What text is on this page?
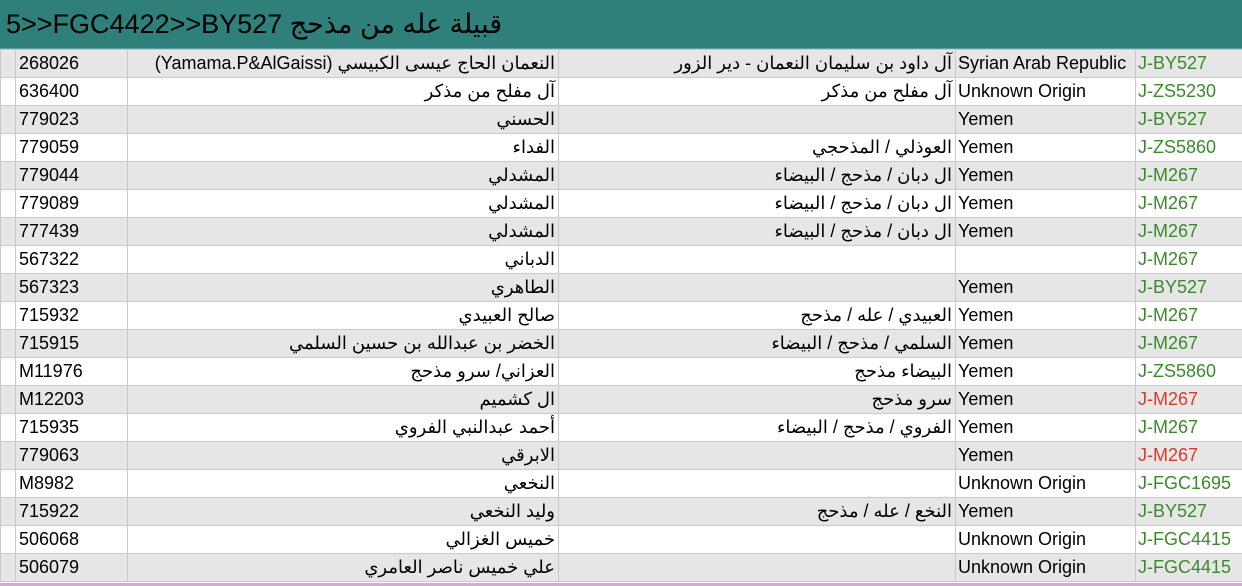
5>>FGC4422>>BY527 قبيلة عله من مذحج
	268026	النعمان الحاج عيسى الكبيسي (Yamama.P&AlGaissi)	آل داود بن سليمان النعمان - دير الزور	Syrian Arab Republic	J-BY527
	636400	آل مفلح من مذكر	آل مفلح من مذكر	Unknown Origin	J-ZS5230
	779023	الحسني		Yemen	J-BY527
	779059	الفداء	العوذلي / المذحجي	Yemen	J-ZS5860
	779044	المشدلي	ال دبان / مذحج / البيضاء	Yemen	J-M267
	779089	المشدلي	ال دبان / مذحج / البيضاء	Yemen	J-M267
	777439	المشدلي	ال دبان / مذحج / البيضاء	Yemen	J-M267
	567322	الدباني			J-M267
	567323	الطاهري		Yemen	J-BY527
	715932	صالح العبيدي	العبيدي / عله / مذحج	Yemen	J-M267
	715915	الخضر بن عبدالله بن حسين السلمي	السلمي / مذحج / البيضاء	Yemen	J-M267
	M11976	العزاني/ سرو مذحج	البيضاء مذحج	Yemen	J-ZS5860
	M12203	ال كشميم	سرو مذحج	Yemen	J-M267
	715935	أحمد عبدالنبي الفروي	الفروي / مذحج / البيضاء	Yemen	J-M267
	779063	الابرقي		Yemen	J-M267
	M8982	النخعي		Unknown Origin	J-FGC1695
	715922	وليد النخعي	النخع / عله / مذحج	Yemen	J-BY527
	506068	خميس الغزالي		Unknown Origin	J-FGC4415
	506079	علي خميس ناصر العامري		Unknown Origin	J-FGC4415
